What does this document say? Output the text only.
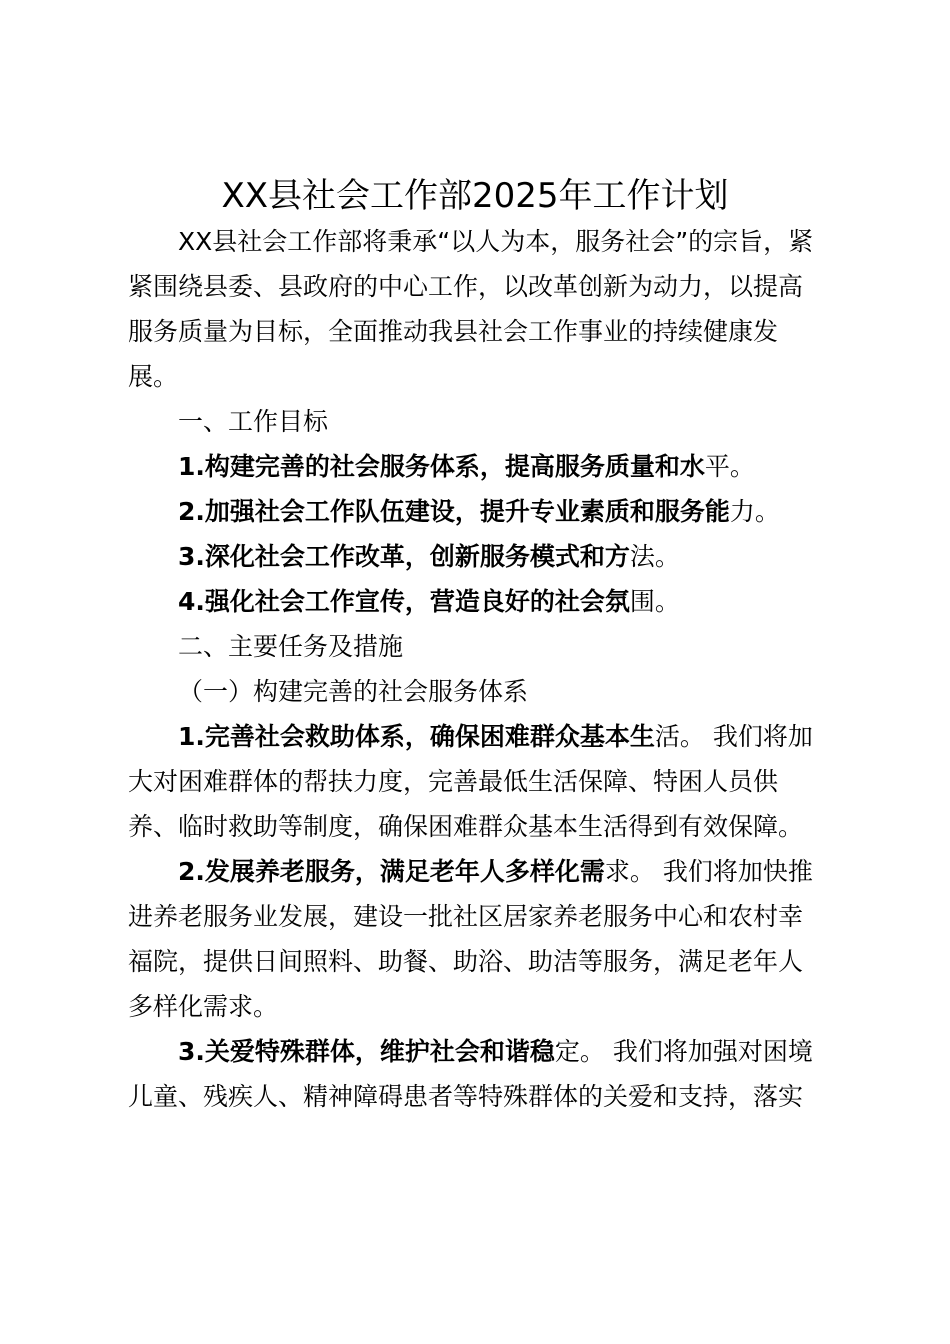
XX县社会工作部2025年工作计划
XX县社会工作部将秉承“以人为本，服务社会”的宗旨，紧
紧围绕县委、县政府的中心工作，以改革创新为动力，以提高
服务质量为目标，全面推动我县社会工作事业的持续健康发
展。
一、工作目标
1.构建完善的社会服务体系，提高服务质量和水平。
2.加强社会工作队伍建设，提升专业素质和服务能力。
3.深化社会工作改革，创新服务模式和方法。
4.强化社会工作宣传，营造良好的社会氛围。
二、主要任务及措施
（一）构建完善的社会服务体系
1.完善社会救助体系，确保困难群众基本生活。 我们将加
大对困难群体的帮扶力度，完善最低生活保障、特困人员供
养、临时救助等制度，确保困难群众基本生活得到有效保障。
2.发展养老服务，满足老年人多样化需求。 我们将加快推
进养老服务业发展，建设一批社区居家养老服务中心和农村幸
福院，提供日间照料、助餐、助浴、助洁等服务，满足老年人
多样化需求。
3.关爱特殊群体，维护社会和谐稳定。 我们将加强对困境
儿童、残疾人、精神障碍患者等特殊群体的关爱和支持，落实
